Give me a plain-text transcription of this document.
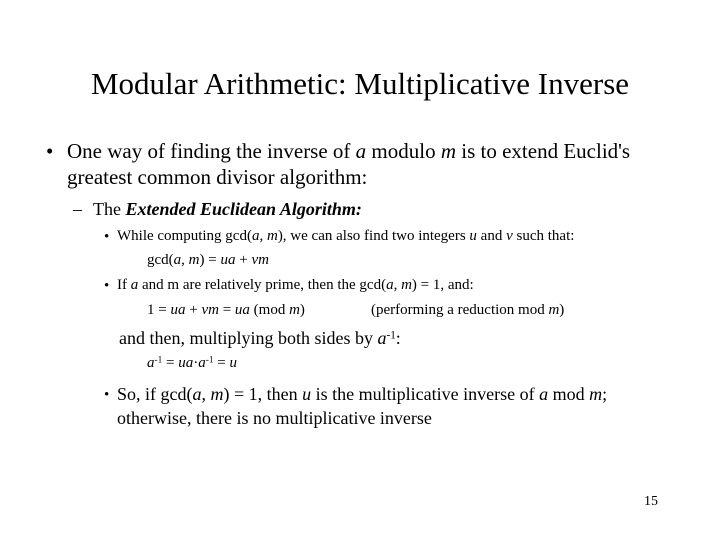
Modular Arithmetic: Multiplicative Inverse
• One way of finding the inverse of a modulo m is to extend Euclid's
greatest common divisor algorithm:
– The Extended Euclidean Algorithm:
• While computing gcd(a, m), we can also find two integers u and v such that:
gcd(a, m) = ua + vm
• If a and m are relatively prime, then the gcd(a, m) = 1, and:
1 = ua + vm = ua (mod m)	(performing a reduction mod m)
and then, multiplying both sides by $a^{-1}$:
$a^{-1} = ua\cdot a^{-1} = u$
• So, if gcd(a, m) = 1, then u is the multiplicative inverse of a mod m;
otherwise, there is no multiplicative inverse
15
